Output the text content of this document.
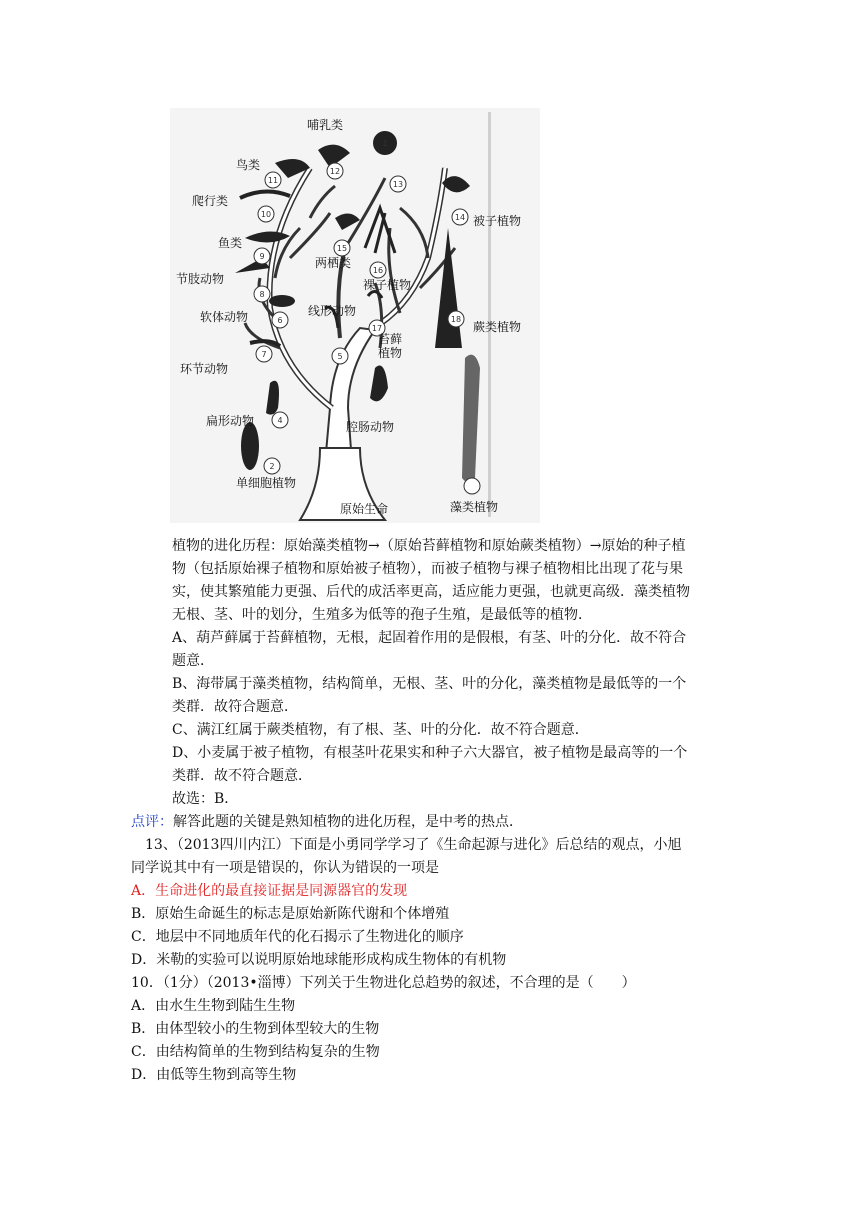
1
2
4
5
6
7
8
9
10
11
12
13
15
16
17
18
14
哺乳类
鸟类
爬行类
鱼类
节肢动物
软体动物
环节动物
扁形动物
单细胞植物
两栖类
线形动物
腔肠动物
原始生命
被子植物
裸子植物
蕨类植物
苔藓
植物
藻类植物
植物的进化历程：原始藻类植物→（原始苔藓植物和原始蕨类植物）→原始的种子植
物（包括原始裸子植物和原始被子植物），而被子植物与裸子植物相比出现了花与果
实，使其繁殖能力更强、后代的成活率更高，适应能力更强，也就更高级．藻类植物
无根、茎、叶的划分，生殖多为低等的孢子生殖，是最低等的植物．
A、葫芦藓属于苔藓植物，无根，起固着作用的是假根，有茎、叶的分化．故不符合
题意．
B、海带属于藻类植物，结构简单，无根、茎、叶的分化，藻类植物是最低等的一个
类群．故符合题意．
C、满江红属于蕨类植物，有了根、茎、叶的分化．故不符合题意．
D、小麦属于被子植物，有根茎叶花果实和种子六大器官，被子植物是最高等的一个
类群．故不符合题意．
故选：B．
点评：解答此题的关键是熟知植物的进化历程，是中考的热点．
13、（2013四川内江）下面是小勇同学学习了《生命起源与进化》后总结的观点，小旭
同学说其中有一项是错误的，你认为错误的一项是
A．生命进化的最直接证据是同源器官的发现
B．原始生命诞生的标志是原始新陈代谢和个体增殖
C．地层中不同地质年代的化石揭示了生物进化的顺序
D．米勒的实验可以说明原始地球能形成构成生物体的有机物
10．（1分）（2013•淄博）下列关于生物进化总趋势的叙述，不合理的是（　　）
A．由水生生物到陆生生物
B．由体型较小的生物到体型较大的生物
C．由结构简单的生物到结构复杂的生物
D．由低等生物到高等生物
